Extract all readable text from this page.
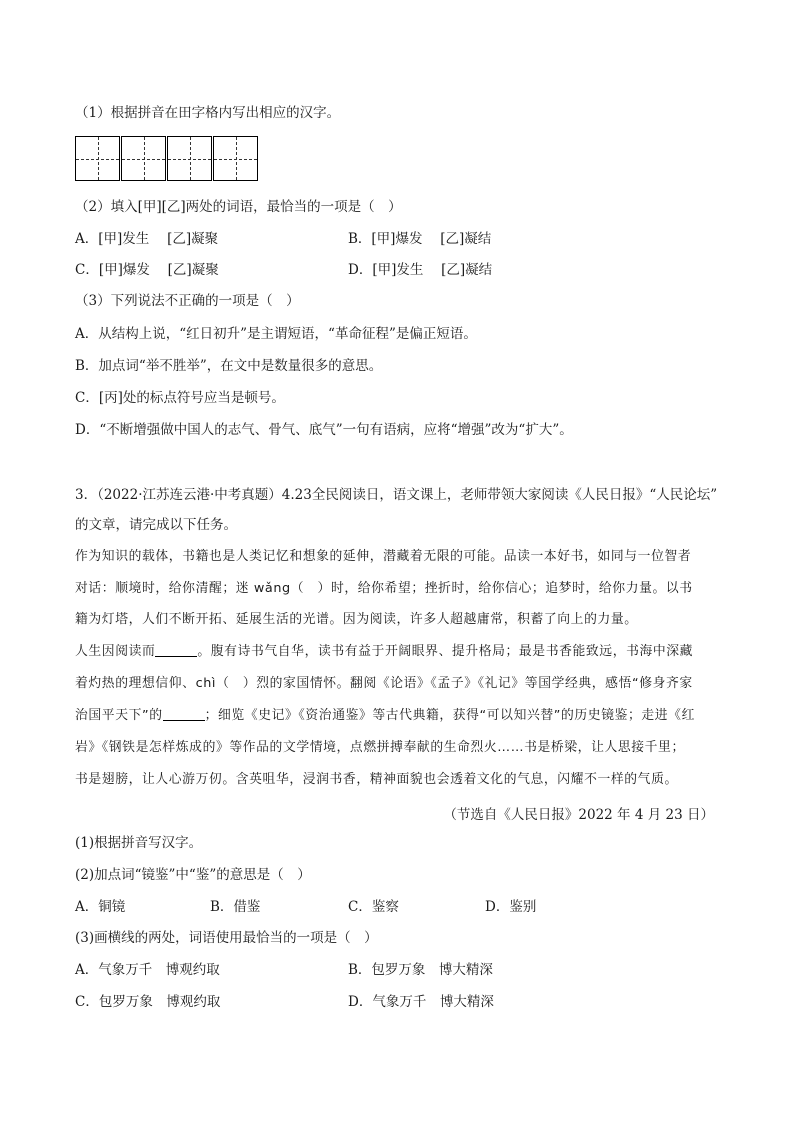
（1）根据拼音在田字格内写出相应的汉字。
（2）填入[甲][乙]两处的词语，最恰当的一项是（　）
A．[甲]发生　 [乙]凝聚	B．[甲]爆发　 [乙]凝结
C．[甲]爆发　 [乙]凝聚	D．[甲]发生　 [乙]凝结
（3）下列说法不正确的一项是（　）
A．从结构上说，“红日初升”是主谓短语，“革命征程”是偏正短语。
B．加点词“举不胜举”，在文中是数量很多的意思。
C．[丙]处的标点符号应当是顿号。
D．“不断增强做中国人的志气、骨气、底气”一句有语病，应将“增强”改为“扩大”。
3．（2022·江苏连云港·中考真题）4.23全民阅读日，语文课上，老师带领大家阅读《人民日报》“人民论坛”
的文章，请完成以下任务。
作为知识的载体，书籍也是人类记忆和想象的延伸，潜藏着无限的可能。品读一本好书，如同与一位智者
对话：顺境时，给你清醒；迷 wǎng（　）时，给你希望；挫折时，给你信心；追梦时，给你力量。以书
籍为灯塔，人们不断开拓、延展生活的光谱。因为阅读，许多人超越庸常，积蓄了向上的力量。
人生因阅读而	。腹有诗书气自华，读书有益于开阔眼界、提升格局；最是书香能致远，书海中深藏
着灼热的理想信仰、chì（　）烈的家国情怀。翻阅《论语》《孟子》《礼记》等国学经典，感悟“修身齐家
治国平天下”的	；细览《史记》《资治通鉴》等古代典籍，获得“可以知兴替”的历史镜鉴；走进《红
岩》《钢铁是怎样炼成的》等作品的文学情境，点燃拼搏奉献的生命烈火……书是桥梁，让人思接千里；
书是翅膀，让人心游万仞。含英咀华，浸润书香，精神面貌也会透着文化的气息，闪耀不一样的气质。
（节选自《人民日报》2022 年 4 月 23 日）
(1)根据拼音写汉字。
(2)加点词“镜鉴”中“鉴”的意思是（　）
A．铜镜	B．借鉴	C．鉴察	D．鉴别
(3)画横线的两处，词语使用最恰当的一项是（　）
A．气象万千　博观约取	B．包罗万象　博大精深
C．包罗万象　博观约取	D．气象万千　博大精深
